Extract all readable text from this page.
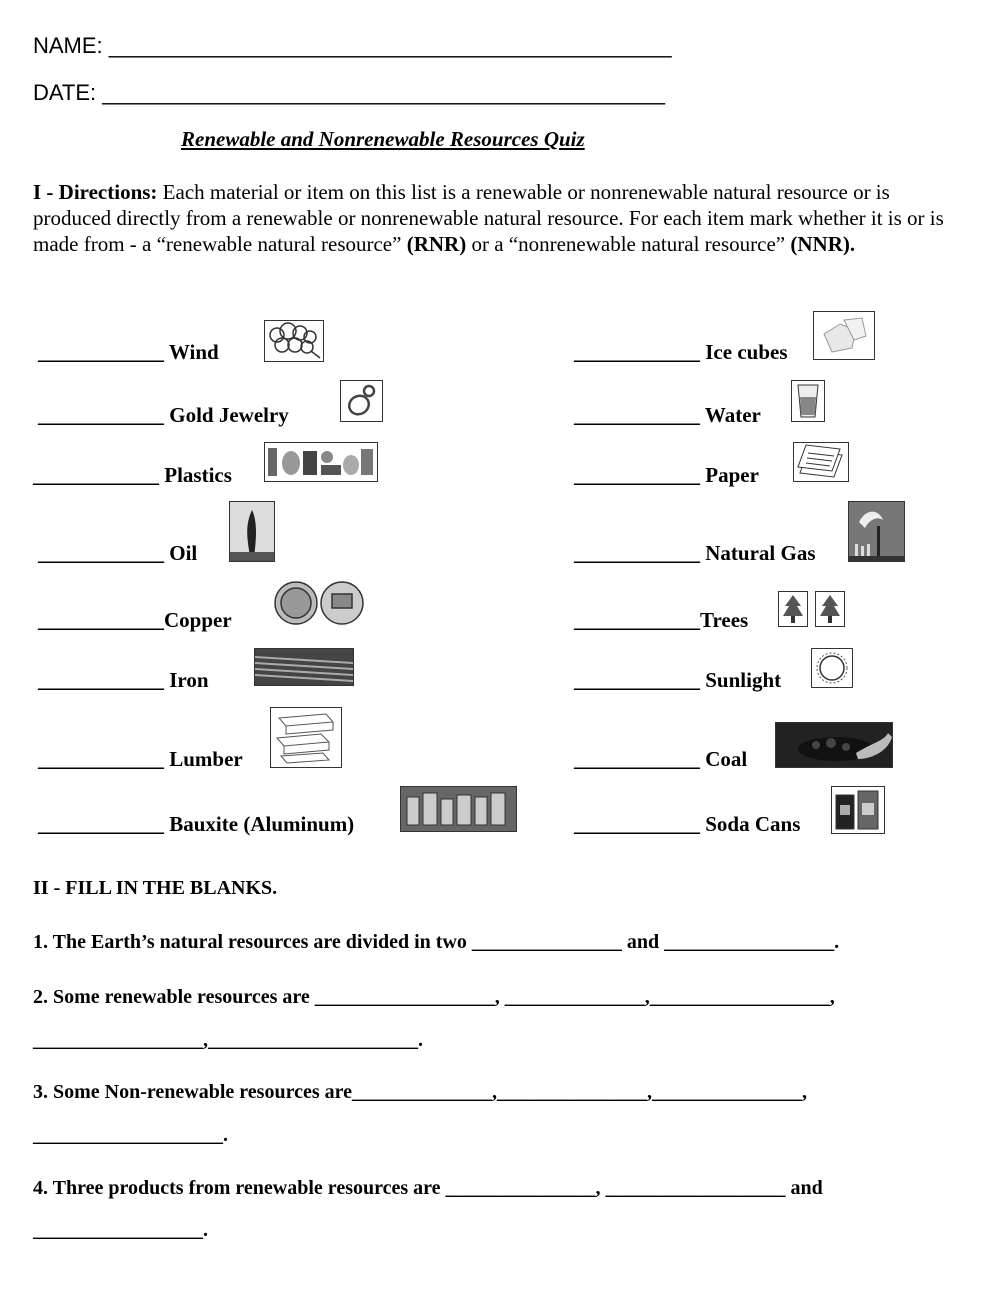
NAME: ______________________________________________
DATE: ______________________________________________
Renewable and Nonrenewable Resources Quiz
I - Directions: Each material or item on this list is a renewable or nonrenewable natural resource or is produced directly from a renewable or nonrenewable natural resource. For each item mark whether it is or is made from - a “renewable natural resource” (RNR) or a “nonrenewable natural resource” (NNR).
____________ Wind
____________ Gold Jewelry
____________ Plastics
____________ Oil
____________Copper
____________ Iron
____________ Lumber
____________ Bauxite (Aluminum)
____________ Ice cubes
____________ Water
____________ Paper
____________ Natural Gas
____________Trees
____________ Sunlight
____________ Coal
____________ Soda Cans
II - FILL IN THE BLANKS.
1. The Earth’s natural resources are divided in two _______________ and _________________.
2. Some renewable resources are __________________, ______________,__________________,
_________________,_____________________.
3. Some Non-renewable resources are______________,_______________,_______________,
___________________.
4. Three products from renewable resources are _______________, __________________ and
_________________.
